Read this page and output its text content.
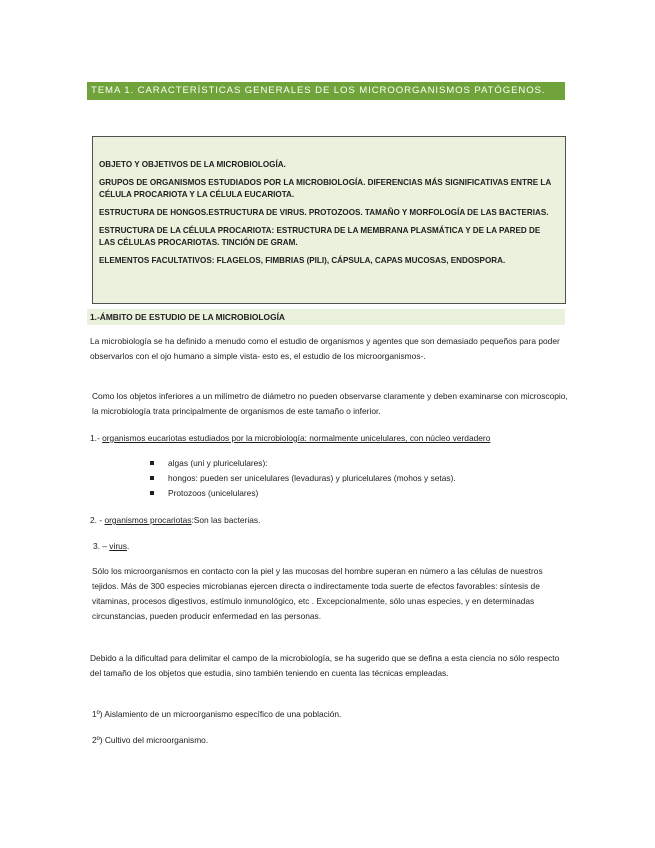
TEMA 1. CARACTERÍSTICAS GENERALES DE LOS MICROORGANISMOS PATÓGENOS.

OBJETO Y OBJETIVOS DE LA MICROBIOLOGÍA.

GRUPOS DE ORGANISMOS ESTUDIADOS POR LA MICROBIOLOGÍA. DIFERENCIAS MÁS SIGNIFICATIVAS ENTRE LA CÉLULA PROCARIOTA Y LA CÉLULA EUCARIOTA.

ESTRUCTURA DE HONGOS.ESTRUCTURA DE VIRUS. PROTOZOOS. TAMAÑO Y MORFOLOGÍA DE LAS BACTERIAS.

ESTRUCTURA DE LA CÉLULA PROCARIOTA: ESTRUCTURA DE LA MEMBRANA PLASMÁTICA Y DE LA PARED DE LAS CÉLULAS PROCARIOTAS. TINCIÓN DE GRAM.

ELEMENTOS FACULTATIVOS: FLAGELOS, FIMBRIAS (PILI), CÁPSULA, CAPAS MUCOSAS, ENDOSPORA.

1.-ÁMBITO DE ESTUDIO DE LA MICROBIOLOGÍA

La microbiología se ha definido a menudo como el estudio de organismos y agentes que son demasiado pequeños para poder observarlos con el ojo humano a simple vista- esto es, el estudio de los microorganismos-.

Como los objetos inferiores a un milímetro de diámetro no pueden observarse claramente y deben examinarse con microscopio, la microbiología trata principalmente de organismos de este tamaño o inferior.

1.- organismos eucariotas estudiados por la microbiología: normalmente unicelulares, con núcleo verdadero

algas (uni y pluricelulares):
hongos: pueden ser unicelulares (levaduras) y pluricelulares (mohos y setas).
Protozoos (unicelulares)

2. - organismos procariotas:Son las bacterias.

3. – virus.

Sólo los microorganismos en contacto con la piel y las mucosas del hombre superan en número a las células de nuestros tejidos. Más de 300 especies microbianas ejercen directa o indirectamente toda suerte de efectos favorables: síntesis de vitaminas, procesos digestivos, estímulo inmunológico, etc . Excepcionalmente, sólo unas especies, y en determinadas circunstancias, pueden producir enfermedad en las personas.

Debido a la dificultad para delimitar el campo de la microbiología, se ha sugerido que se defina a esta ciencia no sólo respecto del tamaño de los objetos que estudia, sino también teniendo en cuenta las técnicas empleadas.

1º) Aislamiento de un microorganismo específico de una población.

2º) Cultivo del microorganismo.
